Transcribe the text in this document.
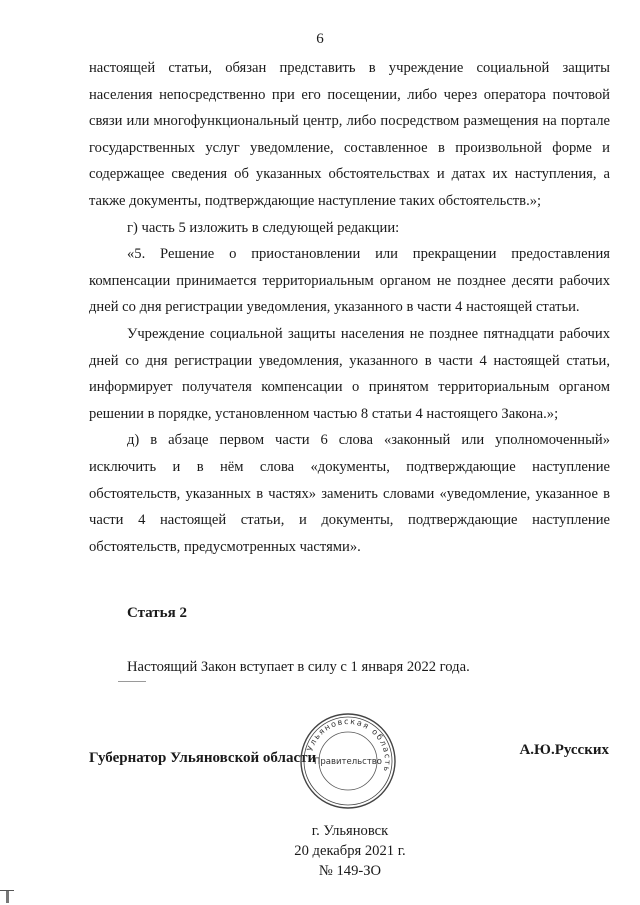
6

настоящей статьи, обязан представить в учреждение социальной защиты населения непосредственно при его посещении, либо через оператора почтовой связи или многофункциональный центр, либо посредством размещения на портале государственных услуг уведомление, составленное в произвольной форме и содержащее сведения об указанных обстоятельствах и датах их наступления, а также документы, подтверждающие наступление таких обстоятельств.»;

г) часть 5 изложить в следующей редакции:

«5. Решение о приостановлении или прекращении предоставления компенсации принимается территориальным органом не позднее десяти рабочих дней со дня регистрации уведомления, указанного в части 4 настоящей статьи.

Учреждение социальной защиты населения не позднее пятнадцати рабочих дней со дня регистрации уведомления, указанного в части 4 настоящей статьи, информирует получателя компенсации о принятом территориальным органом решении в порядке, установленном частью 8 статьи 4 настоящего Закона.»;

д) в абзаце первом части 6 слова «законный или уполномоченный» исключить и в нём слова «документы, подтверждающие наступление обстоятельств, указанных в частях» заменить словами «уведомление, указанное в части 4 настоящей статьи, и документы, подтверждающие наступление обстоятельств, предусмотренных частями».

Статья 2
Настоящий Закон вступает в силу с 1 января 2022 года.
Губернатор Ульяновской области
Ульяновская область
Правительство
А.Ю.Русских
г. Ульяновск
20 декабря 2021 г.
№ 149-ЗО
